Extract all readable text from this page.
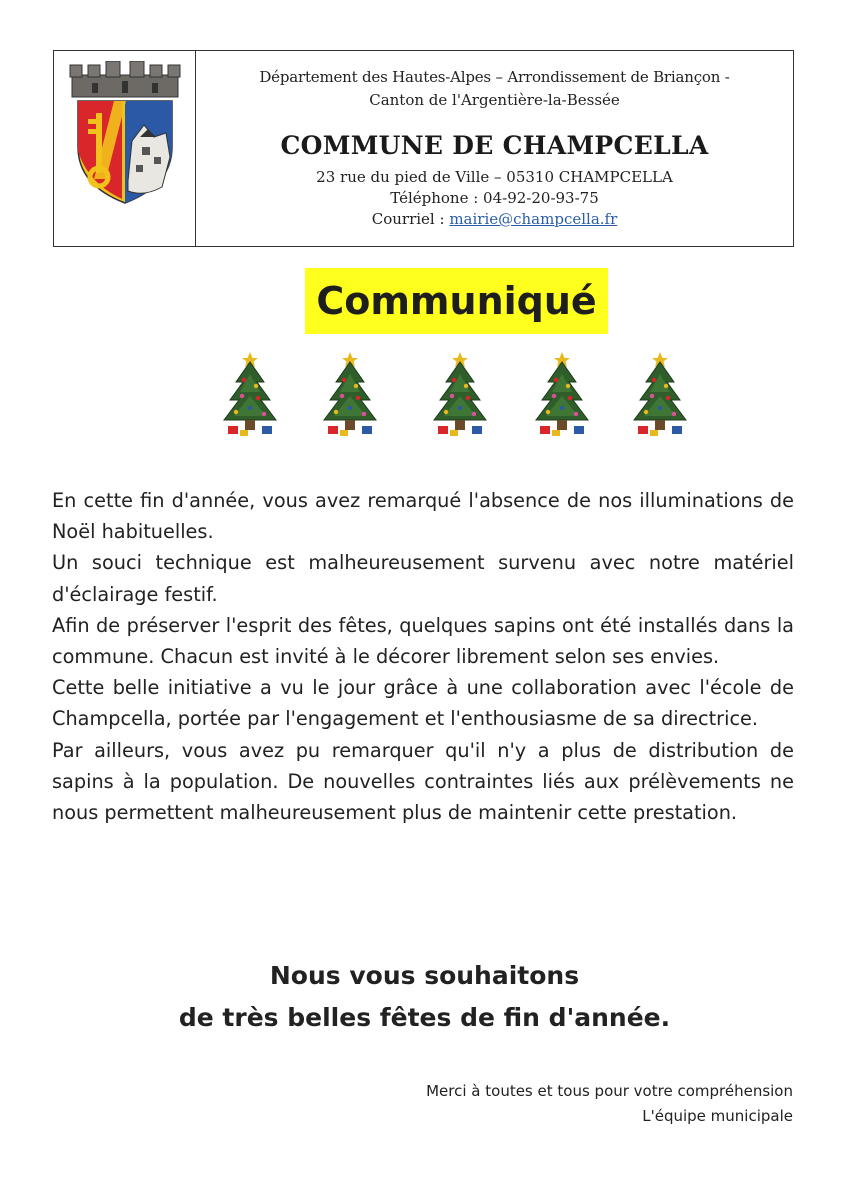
Département des Hautes-Alpes – Arrondissement de Briançon -
Canton de l'Argentière-la-Bessée
COMMUNE DE CHAMPCELLA
23 rue du pied de Ville – 05310 CHAMPCELLA
Téléphone : 04-92-20-93-75
Courriel : mairie@champcella.fr
Communiqué

En cette fin d'année, vous avez remarqué l'absence de nos illuminations de Noël habituelles.

Un souci technique est malheureusement survenu avec notre matériel d'éclairage festif.

Afin de préserver l'esprit des fêtes, quelques sapins ont été installés dans la commune. Chacun est invité à le décorer librement selon ses envies.

Cette belle initiative a vu le jour grâce à une collaboration avec l'école de Champcella, portée par l'engagement et l'enthousiasme de sa directrice.

Par ailleurs, vous avez pu remarquer qu'il n'y a plus de distribution de sapins à la population. De nouvelles contraintes liés aux prélèvements ne nous permettent malheureusement plus de maintenir cette prestation.

Nous vous souhaitons
de très belles fêtes de fin d'année.
Merci à toutes et tous pour votre compréhension
L'équipe municipale
